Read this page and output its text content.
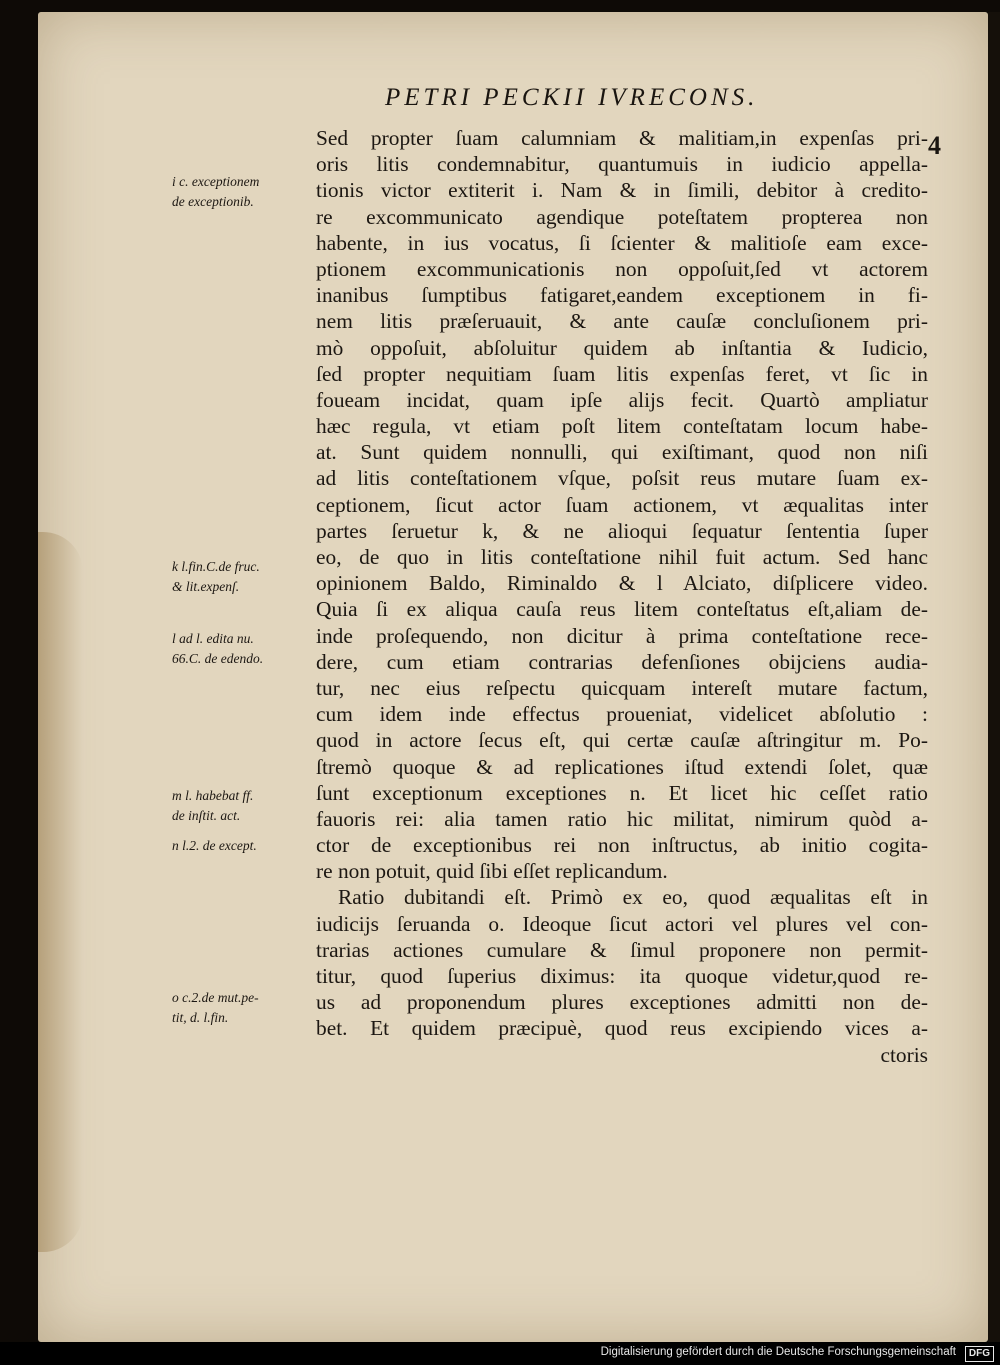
PETRI PECKII IVRECONS.
4
Sed propter ſuam calumniam & malitiam,in expenſas pri-
oris litis condemnabitur, quantumuis in iudicio appella-
tionis victor extiterit i. Nam & in ſimili, debitor à credito-
re excommunicato agendique poteſtatem propterea non
habente, in ius vocatus, ſi ſcienter & malitioſe eam exce-
ptionem excommunicationis non oppoſuit,ſed vt actorem
inanibus ſumptibus fatigaret,eandem exceptionem in fi-
nem litis præſeruauit, & ante cauſæ concluſionem pri-
mò oppoſuit, abſoluitur quidem ab inſtantia & Iudicio,
ſed propter nequitiam ſuam litis expenſas feret, vt ſic in
foueam incidat, quam ipſe alijs fecit. Quartò ampliatur
hæc regula, vt etiam poſt litem conteſtatam locum habe-
at. Sunt quidem nonnulli, qui exiſtimant, quod non niſi
ad litis conteſtationem vſque, poſsit reus mutare ſuam ex-
ceptionem, ſicut actor ſuam actionem, vt æqualitas inter
partes ſeruetur k, & ne alioqui ſequatur ſententia ſuper
eo, de quo in litis conteſtatione nihil fuit actum. Sed hanc
opinionem Baldo, Riminaldo & l Alciato, diſplicere video.
Quia ſi ex aliqua cauſa reus litem conteſtatus eſt,aliam de-
inde proſequendo, non dicitur à prima conteſtatione rece-
dere, cum etiam contrarias defenſiones obijciens audia-
tur, nec eius reſpectu quicquam intereſt mutare factum,
cum idem inde effectus proueniat, videlicet abſolutio :
quod in actore ſecus eſt, qui certæ cauſæ aſtringitur m. Po-
ſtremò quoque & ad replicationes iſtud extendi ſolet, quæ
ſunt exceptionum exceptiones n. Et licet hic ceſſet ratio
fauoris rei: alia tamen ratio hic militat, nimirum quòd a-
ctor de exceptionibus rei non inſtructus, ab initio cogita-
re non potuit, quid ſibi eſſet replicandum.
Ratio dubitandi eſt. Primò ex eo, quod æqualitas eſt in
iudicijs ſeruanda o. Ideoque ſicut actori vel plures vel con-
trarias actiones cumulare & ſimul proponere non permit-
titur, quod ſuperius diximus: ita quoque videtur,quod re-
us ad proponendum plures exceptiones admitti non de-
bet. Et quidem præcipuè, quod reus excipiendo vices a-
ctoris
i c. exceptionem
de exceptionib.
k l.fin.C.de fruc.
& lit.expenſ.
l ad l. edita nu.
66.C. de edendo.
m l. habebat ff.
de inſtit. act.
n l.2. de except.
o c.2.de mut.pe-
tit, d. l.fin.
Digitalisierung gefördert durch die Deutsche Forschungsgemeinschaft	DFG
